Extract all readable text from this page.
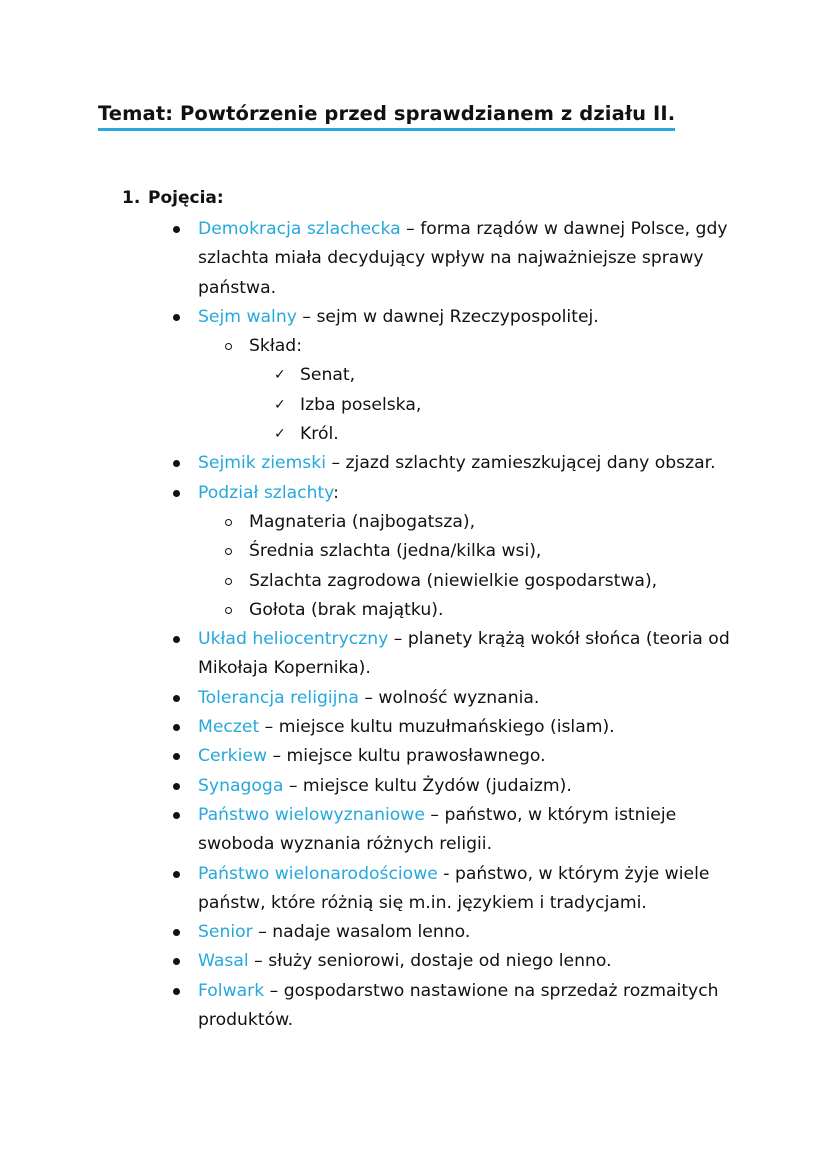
Temat: Powtórzenie przed sprawdzianem z działu II.
1. Pojęcia:
Demokracja szlachecka – forma rządów w dawnej Polsce, gdy szlachta miała decydujący wpływ na najważniejsze sprawy państwa.
Sejm walny – sejm w dawnej Rzeczypospolitej.
Skład:
✓ Senat,
✓ Izba poselska,
✓ Król.
Sejmik ziemski – zjazd szlachty zamieszkującej dany obszar.
Podział szlachty:
Magnateria (najbogatsza),
Średnia szlachta (jedna/kilka wsi),
Szlachta zagrodowa (niewielkie gospodarstwa),
Gołota (brak majątku).
Układ heliocentryczny – planety krążą wokół słońca (teoria od Mikołaja Kopernika).
Tolerancja religijna – wolność wyznania.
Meczet – miejsce kultu muzułmańskiego (islam).
Cerkiew – miejsce kultu prawosławnego.
Synagoga – miejsce kultu Żydów (judaizm).
Państwo wielowyznaniowe – państwo, w którym istnieje swoboda wyznania różnych religii.
Państwo wielonarodościowe - państwo, w którym żyje wiele państw, które różnią się m.in. językiem i tradycjami.
Senior – nadaje wasalom lenno.
Wasal – służy seniorowi, dostaje od niego lenno.
Folwark – gospodarstwo nastawione na sprzedaż rozmaitych produktów.
